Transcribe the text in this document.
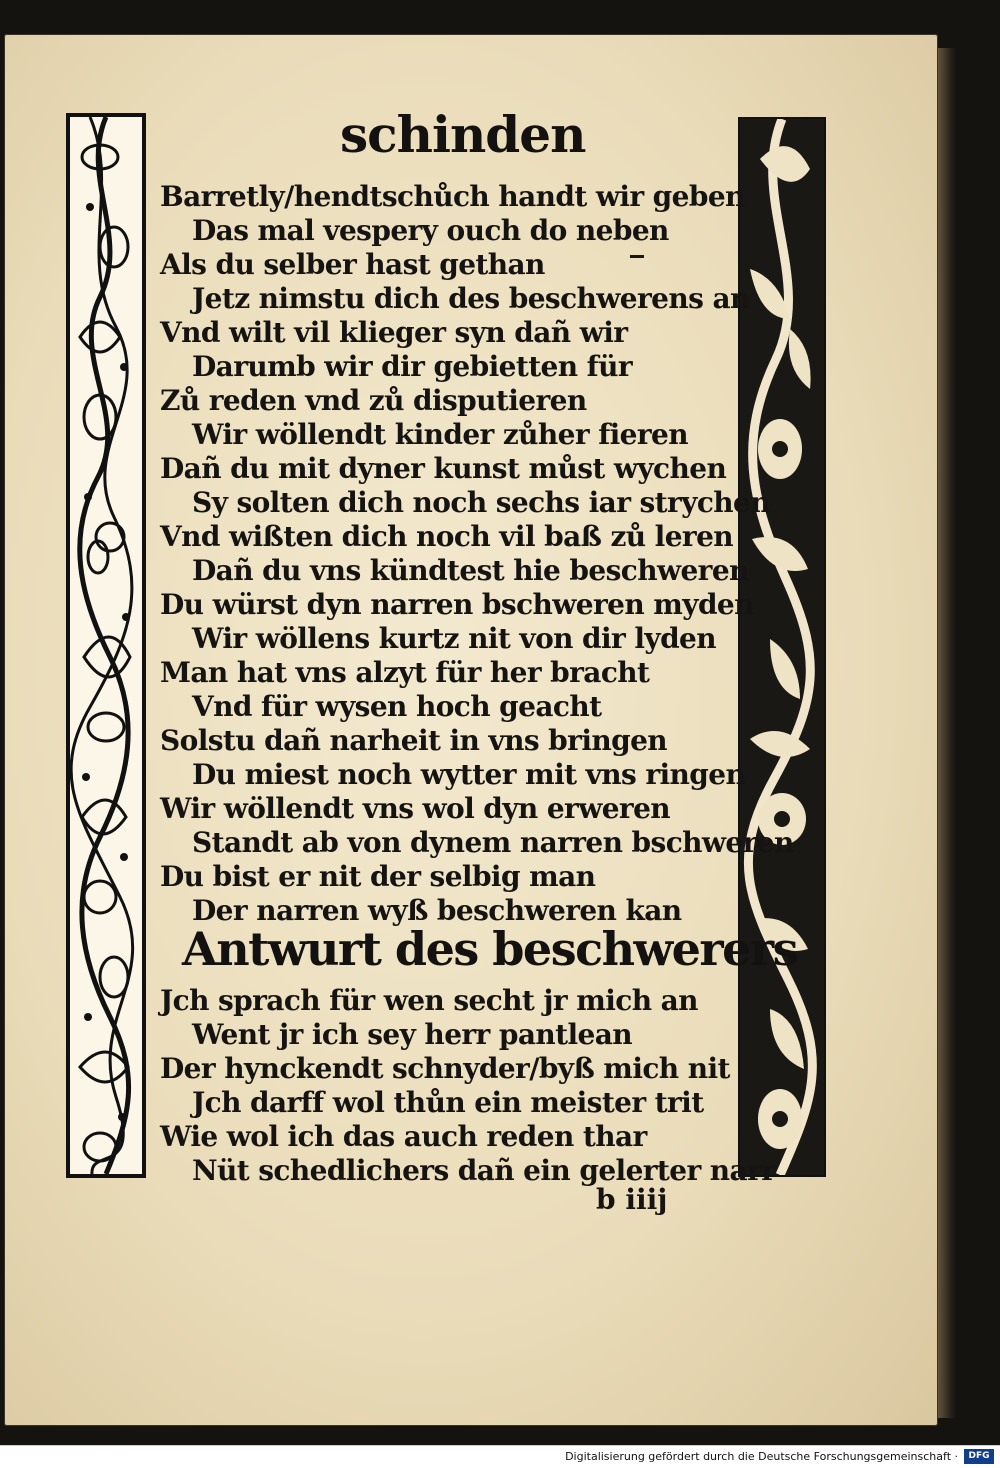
schinden
Barretly/hendtschůch handt wir geben
Das mal vespery ouch do neben
Als du selber hast gethan
Jetz nimstu dich des beschwerens an
Vnd wilt vil klieger syn dañ wir
Darumb wir dir gebietten für
Zů reden vnd zů disputieren
Wir wöllendt kinder zůher fieren
Dañ du mit dyner kunst můst wychen
Sy solten dich noch sechs iar strychen
Vnd wißten dich noch vil baß zů leren
Dañ du vns kündtest hie beschweren
Du würst dyn narren bschweren myden
Wir wöllens kurtz nit von dir lyden
Man hat vns alzyt für her bracht
Vnd für wysen hoch geacht
Solstu dañ narheit in vns bringen
Du miest noch wytter mit vns ringen
Wir wöllendt vns wol dyn erweren
Standt ab von dynem narren bschweren
Du bist er nit der selbig man
Der narren wyß beschweren kan
Antwurt des beschwerers
Jch sprach für wen secht jr mich an
Went jr ich sey herr pantlean
Der hynckendt schnyder/byß mich nit
Jch darff wol thůn ein meister trit
Wie wol ich das auch reden thar
Nüt schedlichers dañ ein gelerter narr
b iiij
Digitalisierung gefördert durch die Deutsche Forschungsgemeinschaft ·	DFG
